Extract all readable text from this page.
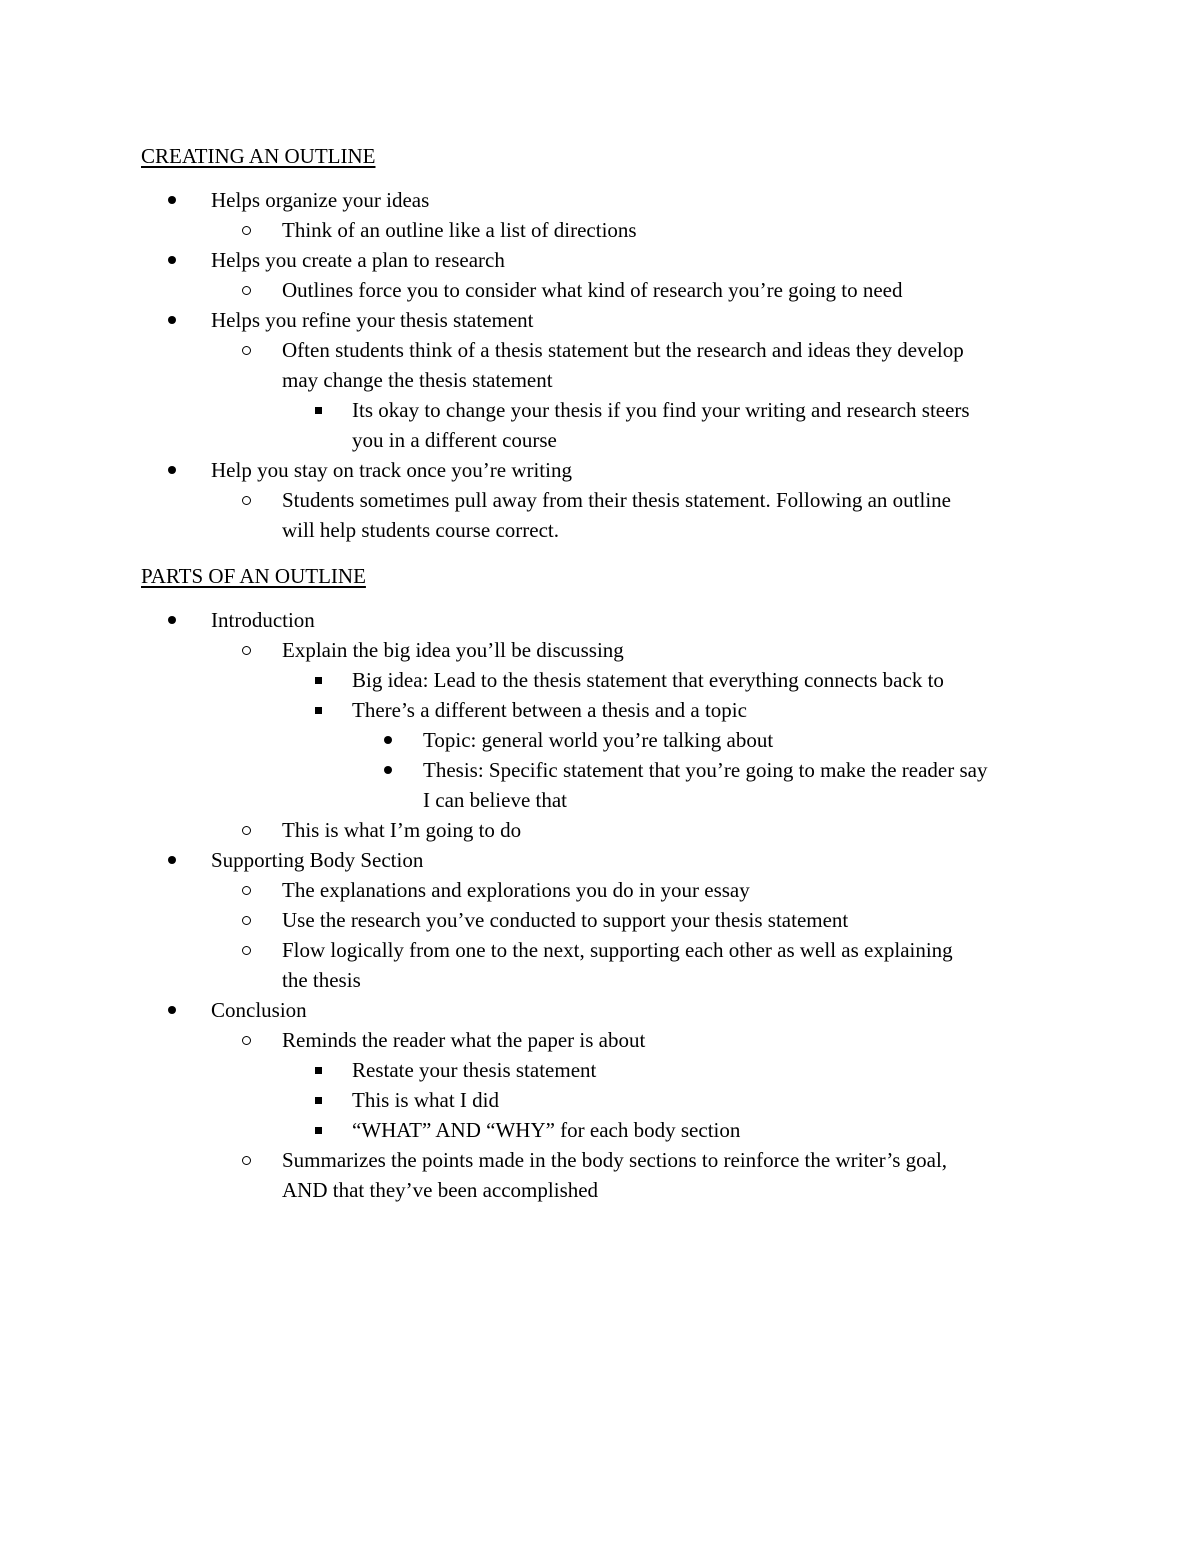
CREATING AN OUTLINE
Helps organize your ideas
Think of an outline like a list of directions
Helps you create a plan to research
Outlines force you to consider what kind of research you’re going to need
Helps you refine your thesis statement
Often students think of a thesis statement but the research and ideas they develop
may change the thesis statement
Its okay to change your thesis if you find your writing and research steers
you in a different course
Help you stay on track once you’re writing
Students sometimes pull away from their thesis statement. Following an outline
will help students course correct.
PARTS OF AN OUTLINE
Introduction
Explain the big idea you’ll be discussing
Big idea: Lead to the thesis statement that everything connects back to
There’s a different between a thesis and a topic
Topic: general world you’re talking about
Thesis: Specific statement that you’re going to make the reader say
I can believe that
This is what I’m going to do
Supporting Body Section
The explanations and explorations you do in your essay
Use the research you’ve conducted to support your thesis statement
Flow logically from one to the next, supporting each other as well as explaining
the thesis
Conclusion
Reminds the reader what the paper is about
Restate your thesis statement
This is what I did
“WHAT” AND “WHY” for each body section
Summarizes the points made in the body sections to reinforce the writer’s goal,
AND that they’ve been accomplished
